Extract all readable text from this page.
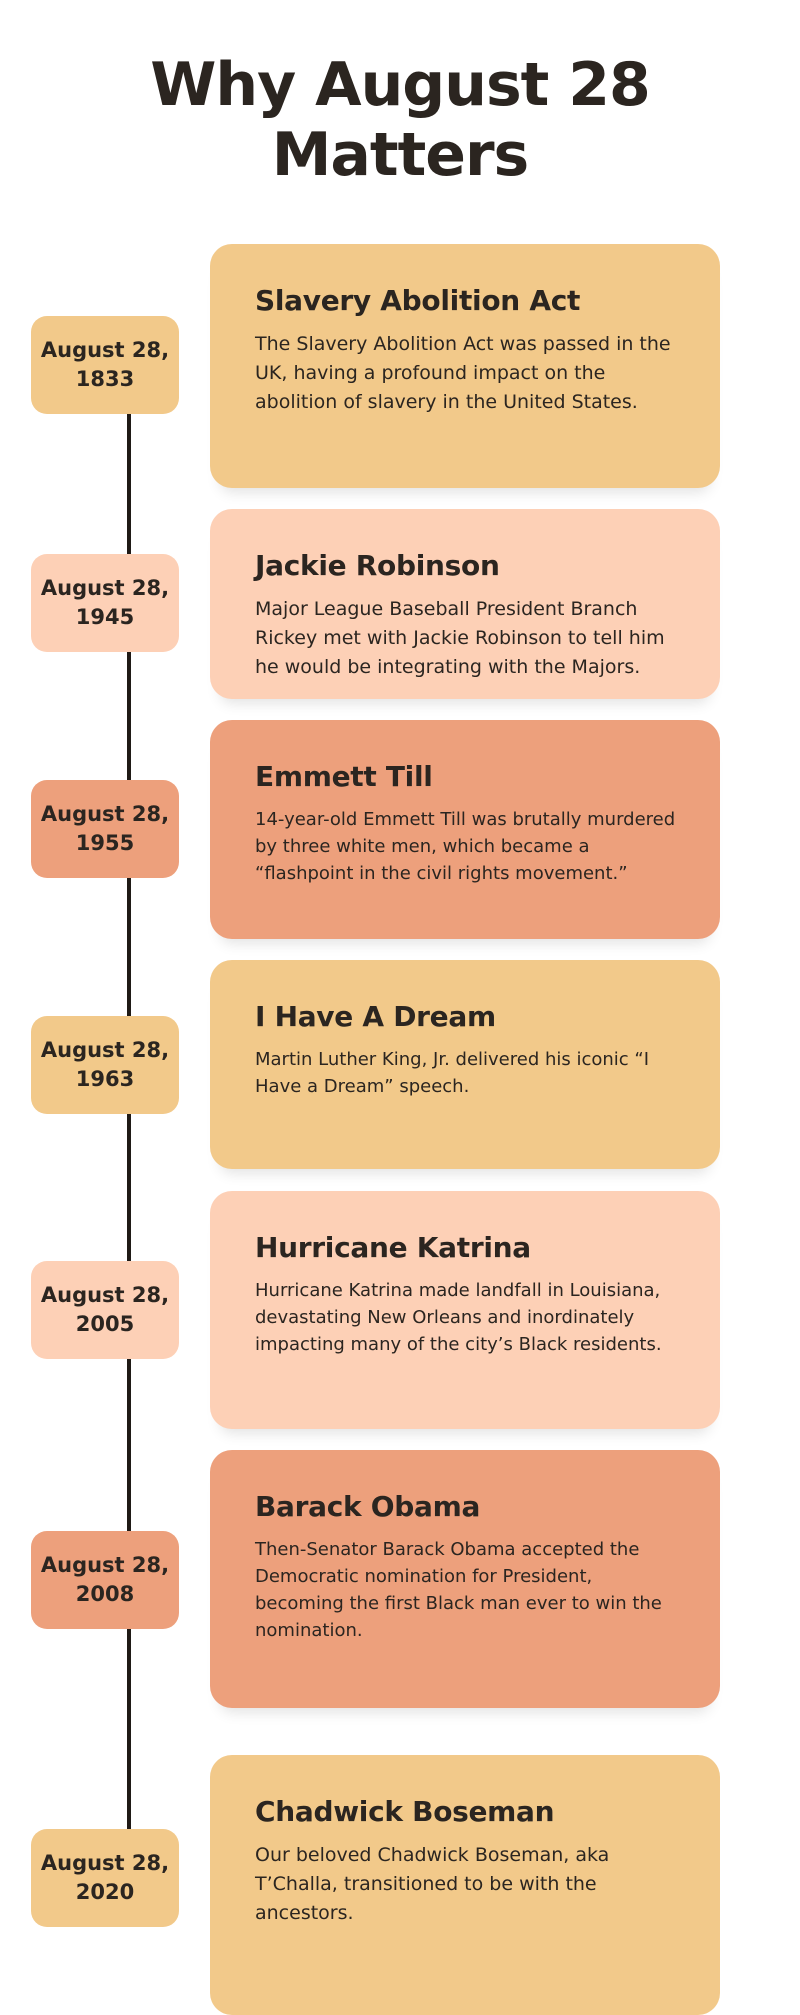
Why August 28
Matters
Slavery Abolition Act

The Slavery Abolition Act was passed in the UK, having a profound impact on the abolition of slavery in the United States.

August 28,
1833
Jackie Robinson

Major League Baseball President Branch Rickey met with Jackie Robinson to tell him he would be integrating with the Majors.

August 28,
1945
Emmett Till

14-year-old Emmett Till was brutally murdered by three white men, which became a “flashpoint in the civil rights movement.”

August 28,
1955
I Have A Dream

Martin Luther King, Jr. delivered his iconic “I Have a Dream” speech.

August 28,
1963
Hurricane Katrina

Hurricane Katrina made landfall in Louisiana, devastating New Orleans and inordinately impacting many of the city’s Black residents.

August 28,
2005
Barack Obama

Then-Senator Barack Obama accepted the Democratic nomination for President, becoming the first Black man ever to win the nomination.

August 28,
2008
Chadwick Boseman

Our beloved Chadwick Boseman, aka T’Challa, transitioned to be with the ancestors.

August 28,
2020
